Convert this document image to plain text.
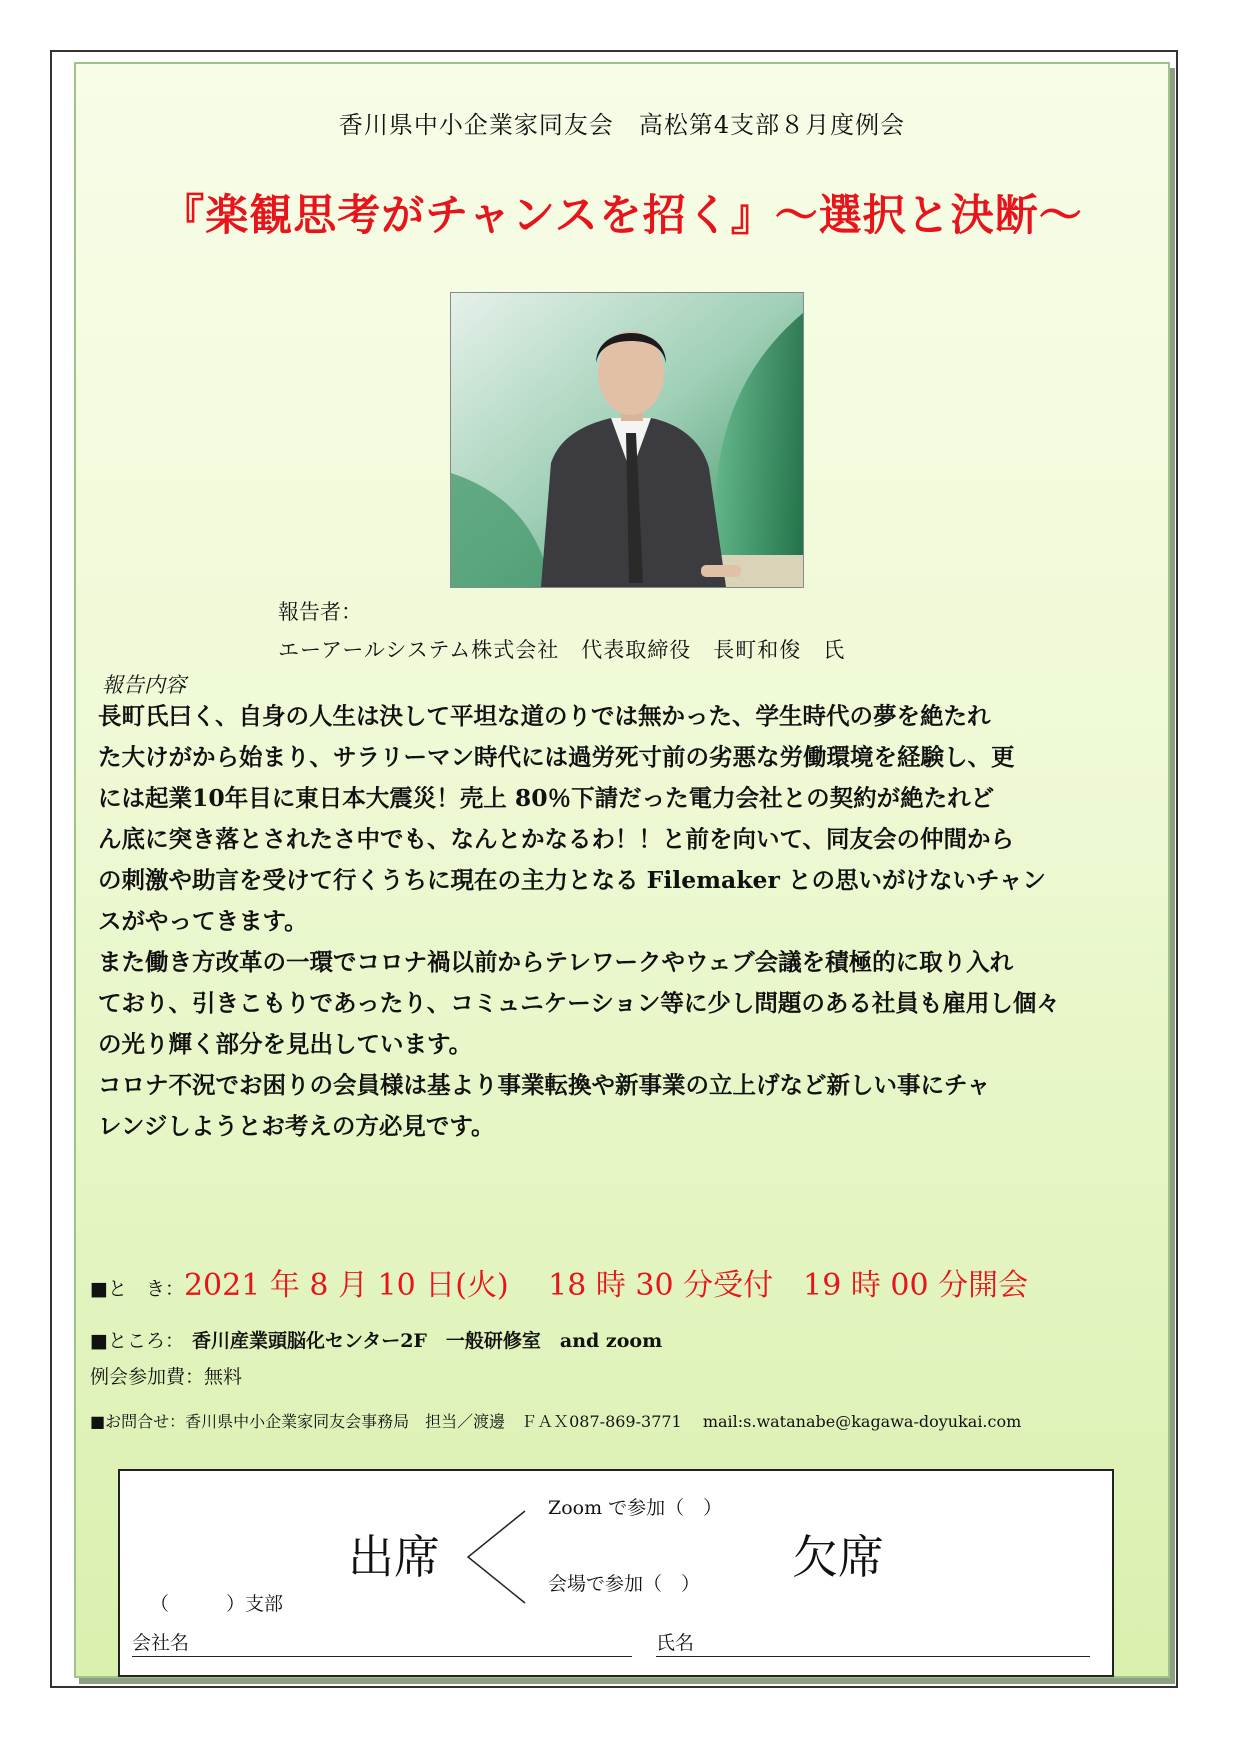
香川県中小企業家同友会　高松第4支部８月度例会
『楽観思考がチャンスを招く』～選択と決断～
報告者：
エーアールシステム株式会社　代表取締役　長町和俊　氏
報告内容

長町氏曰く、自身の人生は決して平坦な道のりでは無かった、学生時代の夢を絶たれ

た大けがから始まり、サラリーマン時代には過労死寸前の劣悪な労働環境を経験し、更

には起業10年目に東日本大震災！売上 80％下請だった電力会社との契約が絶たれど

ん底に突き落とされたさ中でも、なんとかなるわ！！と前を向いて、同友会の仲間から

の刺激や助言を受けて行くうちに現在の主力となる Filemaker との思いがけないチャン

スがやってきます。

また働き方改革の一環でコロナ禍以前からテレワークやウェブ会議を積極的に取り入れ

ており、引きこもりであったり、コミュニケーション等に少し問題のある社員も雇用し個々

の光り輝く部分を見出しています。

コロナ不況でお困りの会員様は基より事業転換や新事業の立上げなど新しい事にチャ

レンジしようとお考えの方必見です。

■と　き：2021 年 8 月 10 日(火)　 18 時 30 分受付　19 時 00 分開会
■ところ： 香川産業頭脳化センター2F　一般研修室　and zoom
例会参加費：無料
■お問合せ：香川県中小企業家同友会事務局　担当／渡邊　ＦＡＸ087-869-3771　 mail:s.watanabe@kagawa-doyukai.com
出席
Zoom で参加（　）
会場で参加（　） 欠席
（　　　）支部
会社名	氏名
